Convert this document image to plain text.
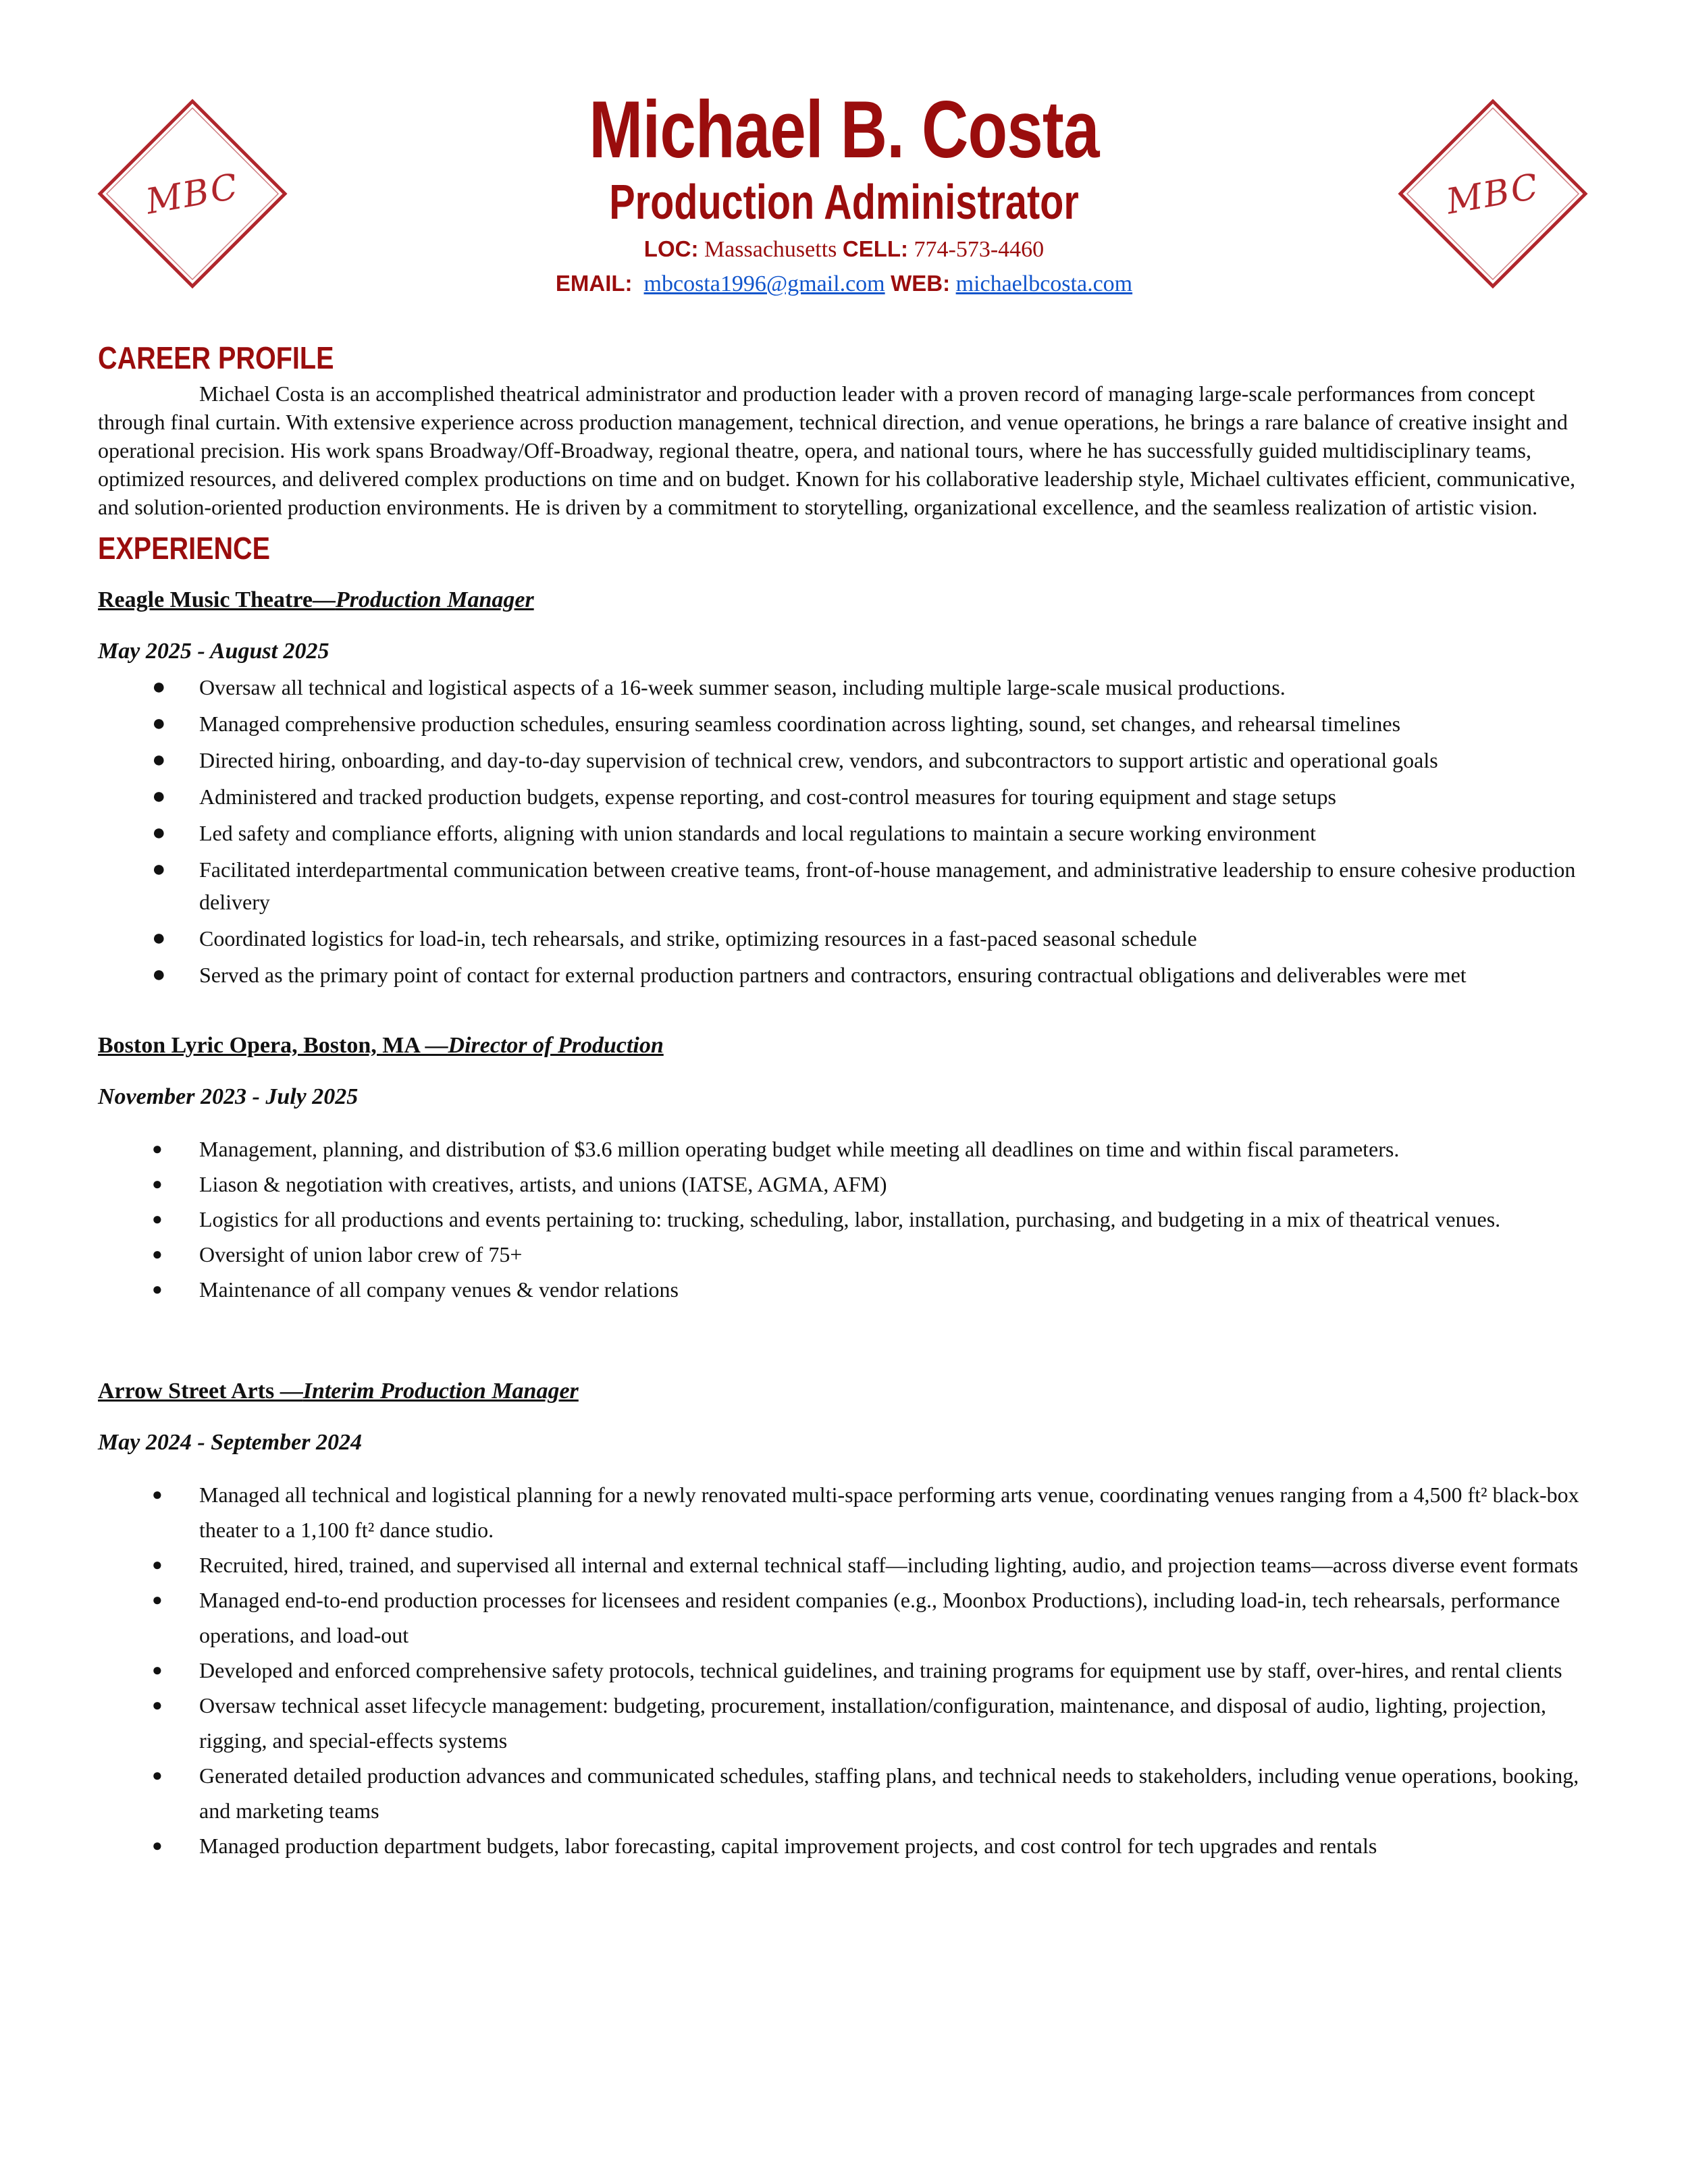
MBC	MBC
Michael B. Costa
Production Administrator
LOC: Massachusetts CELL: 774-573-4460
EMAIL: mbcosta1996@gmail.com WEB: michaelbcosta.com
CAREER PROFILE

Michael Costa is an accomplished theatrical administrator and production leader with a proven record of managing large-scale performances from concept through final curtain. With extensive experience across production management, technical direction, and venue operations, he brings a rare balance of creative insight and operational precision. His work spans Broadway/Off-Broadway, regional theatre, opera, and national tours, where he has successfully guided multidisciplinary teams, optimized resources, and delivered complex productions on time and on budget. Known for his collaborative leadership style, Michael cultivates efficient, communicative, and solution-oriented production environments. He is driven by a commitment to storytelling, organizational excellence, and the seamless realization of artistic vision.

EXPERIENCE
Reagle Music Theatre—Production Manager
May 2025 - August 2025
● Oversaw all technical and logistical aspects of a 16-week summer season, including multiple large-scale musical productions.
● Managed comprehensive production schedules, ensuring seamless coordination across lighting, sound, set changes, and rehearsal timelines
● Directed hiring, onboarding, and day-to-day supervision of technical crew, vendors, and subcontractors to support artistic and operational goals
● Administered and tracked production budgets, expense reporting, and cost-control measures for touring equipment and stage setups
● Led safety and compliance efforts, aligning with union standards and local regulations to maintain a secure working environment
● Facilitated interdepartmental communication between creative teams, front-of-house management, and administrative leadership to ensure cohesive production delivery
● Coordinated logistics for load-in, tech rehearsals, and strike, optimizing resources in a fast-paced seasonal schedule
● Served as the primary point of contact for external production partners and contractors, ensuring contractual obligations and deliverables were met
Boston Lyric Opera, Boston, MA —Director of Production
November 2023 - July 2025
● Management, planning, and distribution of $3.6 million operating budget while meeting all deadlines on time and within fiscal parameters.
● Liason & negotiation with creatives, artists, and unions (IATSE, AGMA, AFM)
● Logistics for all productions and events pertaining to: trucking, scheduling, labor, installation, purchasing, and budgeting in a mix of theatrical venues.
● Oversight of union labor crew of 75+
● Maintenance of all company venues & vendor relations
Arrow Street Arts —Interim Production Manager
May 2024 - September 2024
● Managed all technical and logistical planning for a newly renovated multi-space performing arts venue, coordinating venues ranging from a 4,500 ft² black-box theater to a 1,100 ft² dance studio.
● Recruited, hired, trained, and supervised all internal and external technical staff—including lighting, audio, and projection teams—across diverse event formats
● Managed end-to-end production processes for licensees and resident companies (e.g., Moonbox Productions), including load-in, tech rehearsals, performance operations, and load-out
● Developed and enforced comprehensive safety protocols, technical guidelines, and training programs for equipment use by staff, over-hires, and rental clients
● Oversaw technical asset lifecycle management: budgeting, procurement, installation/configuration, maintenance, and disposal of audio, lighting, projection, rigging, and special-effects systems
● Generated detailed production advances and communicated schedules, staffing plans, and technical needs to stakeholders, including venue operations, booking, and marketing teams
● Managed production department budgets, labor forecasting, capital improvement projects, and cost control for tech upgrades and rentals
